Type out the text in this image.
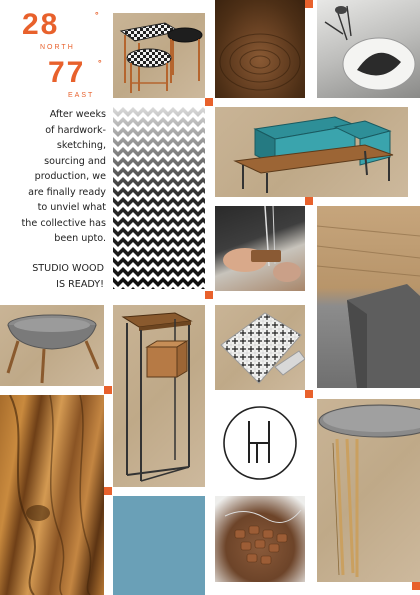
28	°
NORTH
77 °
EAST
After weeks
of hardwork-
sketching,
sourcing and
production, we
are finally ready
to unviel what
the collective has
been upto.
STUDIO WOOD
IS READY!
